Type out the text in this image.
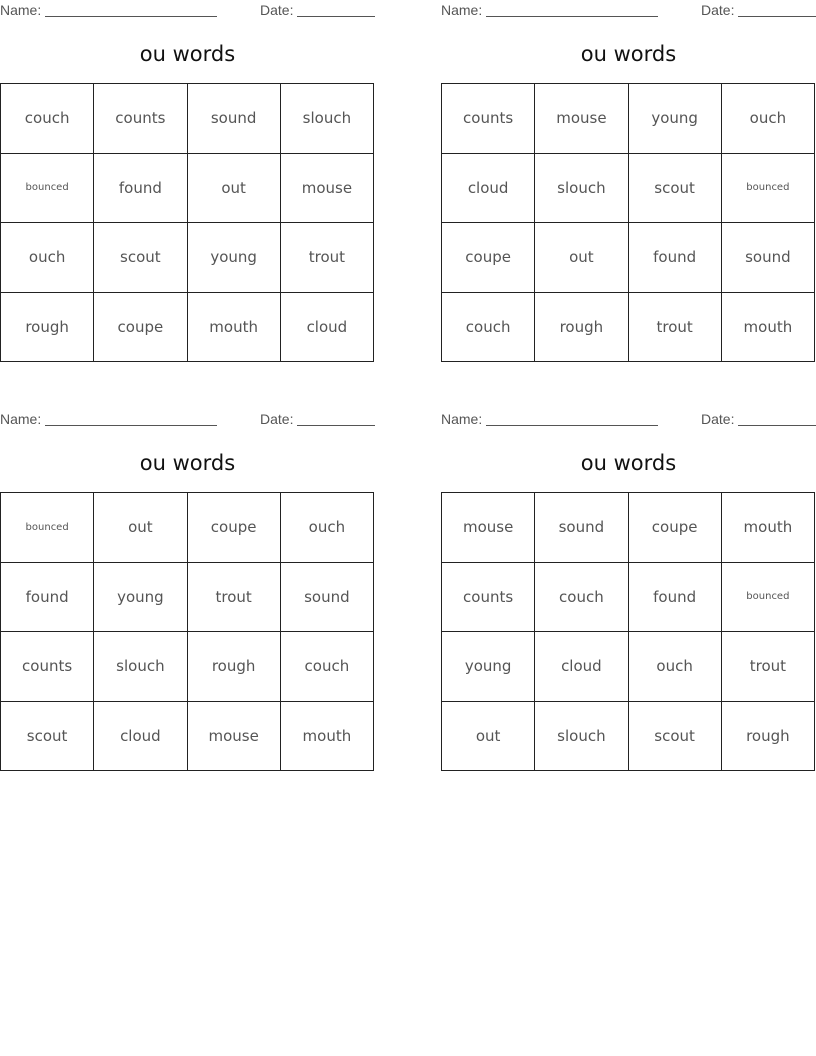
Name:	Date:
ou words
couch	counts	sound	slouch
bounced	found	out	mouse
ouch	scout	young	trout
rough	coupe	mouth	cloud
Name:	Date:
ou words
counts	mouse	young	ouch
cloud	slouch	scout	bounced
coupe	out	found	sound
couch	rough	trout	mouth
Name:	Date:
ou words
bounced	out	coupe	ouch
found	young	trout	sound
counts	slouch	rough	couch
scout	cloud	mouse	mouth
Name:	Date:
ou words
mouse	sound	coupe	mouth
counts	couch	found	bounced
young	cloud	ouch	trout
out	slouch	scout	rough
